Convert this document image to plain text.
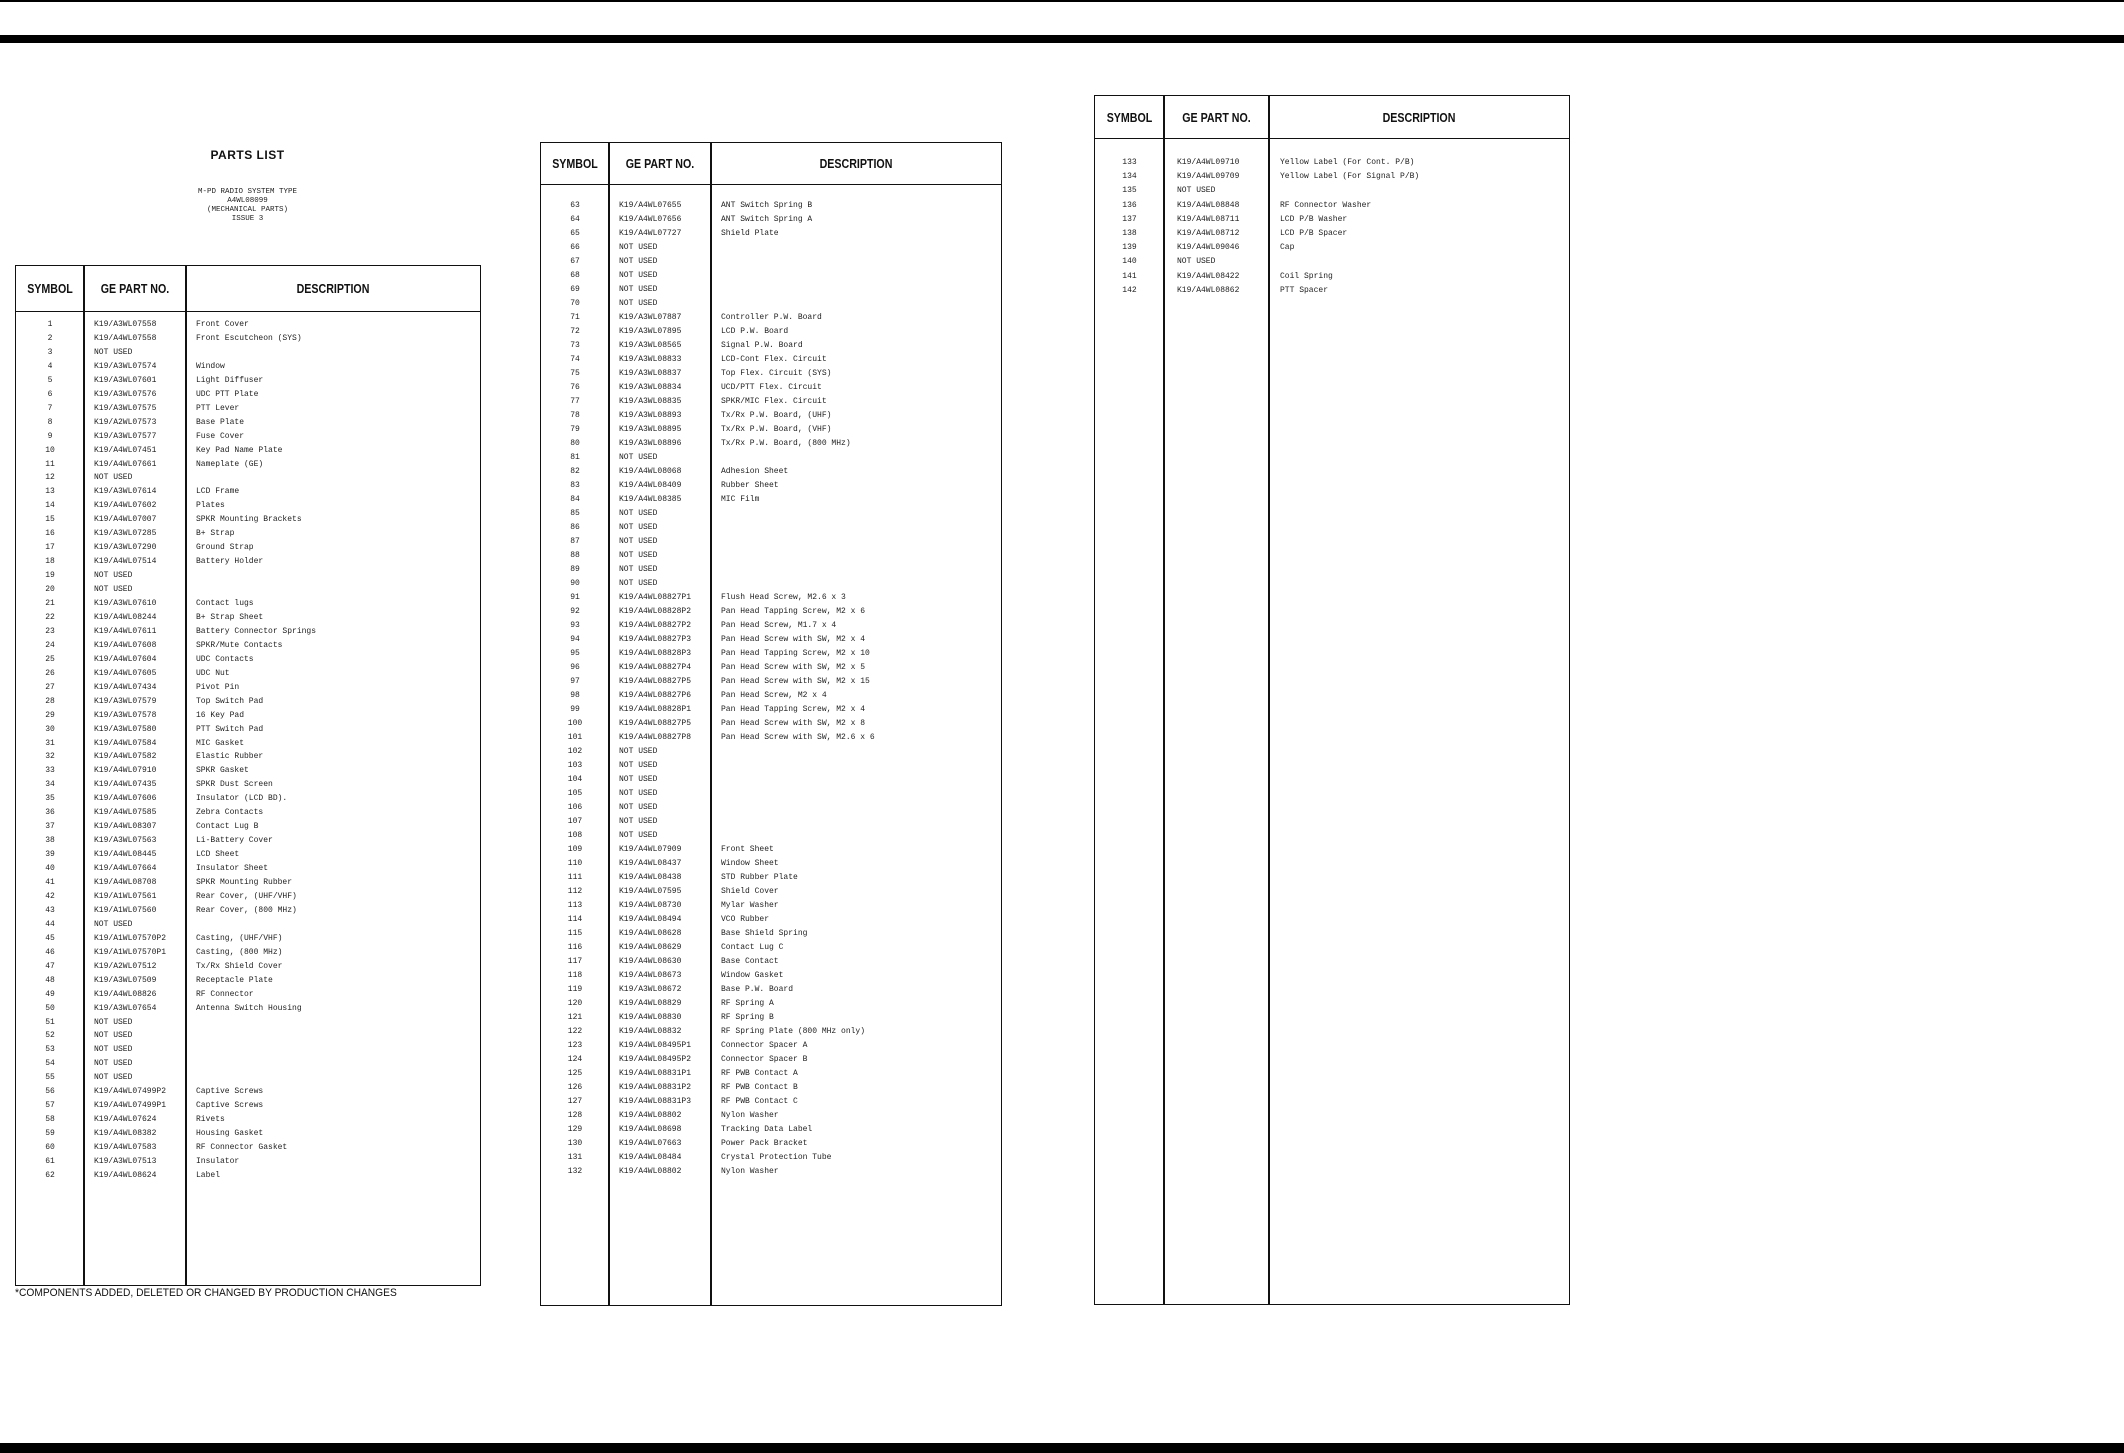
PARTS LIST
M-PD RADIO SYSTEM TYPE
A4WL08099
(MECHANICAL PARTS)
ISSUE 3
SYMBOL	GE PART NO.	DESCRIPTION
1	K19/A3WL07558	Front Cover
2	K19/A4WL07558	Front Escutcheon (SYS)
3	NOT USED
4	K19/A3WL07574	Window
5	K19/A3WL07601	Light Diffuser
6	K19/A3WL07576	UDC PTT Plate
7	K19/A3WL07575	PTT Lever
8	K19/A2WL07573	Base Plate
9	K19/A3WL07577	Fuse Cover
10	K19/A4WL07451	Key Pad Name Plate
11	K19/A4WL07661	Nameplate (GE)
12	NOT USED
13	K19/A3WL07614	LCD Frame
14	K19/A4WL07602	Plates
15	K19/A4WL07007	SPKR Mounting Brackets
16	K19/A3WL07285	B+ Strap
17	K19/A3WL07290	Ground Strap
18	K19/A4WL07514	Battery Holder
19	NOT USED
20	NOT USED
21	K19/A3WL07610	Contact lugs
22	K19/A4WL08244	B+ Strap Sheet
23	K19/A4WL07611	Battery Connector Springs
24	K19/A4WL07608	SPKR/Mute Contacts
25	K19/A4WL07604	UDC Contacts
26	K19/A4WL07605	UDC Nut
27	K19/A4WL07434	Pivot Pin
28	K19/A3WL07579	Top Switch Pad
29	K19/A3WL07578	16 Key Pad
30	K19/A3WL07580	PTT Switch Pad
31	K19/A4WL07584	MIC Gasket
32	K19/A4WL07582	Elastic Rubber
33	K19/A4WL07910	SPKR Gasket
34	K19/A4WL07435	SPKR Dust Screen
35	K19/A4WL07606	Insulator (LCD BD).
36	K19/A4WL07585	Zebra Contacts
37	K19/A4WL08307	Contact Lug B
38	K19/A3WL07563	Li-Battery Cover
39	K19/A4WL08445	LCD Sheet
40	K19/A4WL07664	Insulator Sheet
41	K19/A4WL08708	SPKR Mounting Rubber
42	K19/A1WL07561	Rear Cover, (UHF/VHF)
43	K19/A1WL07560	Rear Cover, (800 MHz)
44	NOT USED
45	K19/A1WL07570P2	Casting, (UHF/VHF)
46	K19/A1WL07570P1	Casting, (800 MHz)
47	K19/A2WL07512	Tx/Rx Shield Cover
48	K19/A3WL07509	Receptacle Plate
49	K19/A4WL08826	RF Connector
50	K19/A3WL07654	Antenna Switch Housing
51	NOT USED
52	NOT USED
53	NOT USED
54	NOT USED
55	NOT USED
56	K19/A4WL07499P2	Captive Screws
57	K19/A4WL07499P1	Captive Screws
58	K19/A4WL07624	Rivets
59	K19/A4WL08382	Housing Gasket
60	K19/A4WL07583	RF Connector Gasket
61	K19/A3WL07513	Insulator
62	K19/A4WL08624	Label
SYMBOL	GE PART NO.	DESCRIPTION
63	K19/A4WL07655	ANT Switch Spring B
64	K19/A4WL07656	ANT Switch Spring A
65	K19/A4WL07727	Shield Plate
66	NOT USED
67	NOT USED
68	NOT USED
69	NOT USED
70	NOT USED
71	K19/A3WL07887	Controller P.W. Board
72	K19/A3WL07895	LCD P.W. Board
73	K19/A3WL08565	Signal P.W. Board
74	K19/A3WL08833	LCD-Cont Flex. Circuit
75	K19/A3WL08837	Top Flex. Circuit (SYS)
76	K19/A3WL08834	UCD/PTT Flex. Circuit
77	K19/A3WL08835	SPKR/MIC Flex. Circuit
78	K19/A3WL08893	Tx/Rx P.W. Board, (UHF)
79	K19/A3WL08895	Tx/Rx P.W. Board, (VHF)
80	K19/A3WL08896	Tx/Rx P.W. Board, (800 MHz)
81	NOT USED
82	K19/A4WL08068	Adhesion Sheet
83	K19/A4WL08409	Rubber Sheet
84	K19/A4WL08385	MIC Film
85	NOT USED
86	NOT USED
87	NOT USED
88	NOT USED
89	NOT USED
90	NOT USED
91	K19/A4WL08827P1	Flush Head Screw, M2.6 x 3
92	K19/A4WL08828P2	Pan Head Tapping Screw, M2 x 6
93	K19/A4WL08827P2	Pan Head Screw, M1.7 x 4
94	K19/A4WL08827P3	Pan Head Screw with SW, M2 x 4
95	K19/A4WL08828P3	Pan Head Tapping Screw, M2 x 10
96	K19/A4WL08827P4	Pan Head Screw with SW, M2 x 5
97	K19/A4WL08827P5	Pan Head Screw with SW, M2 x 15
98	K19/A4WL08827P6	Pan Head Screw, M2 x 4
99	K19/A4WL08828P1	Pan Head Tapping Screw, M2 x 4
100	K19/A4WL08827P5	Pan Head Screw with SW, M2 x 8
101	K19/A4WL08827P8	Pan Head Screw with SW, M2.6 x 6
102	NOT USED
103	NOT USED
104	NOT USED
105	NOT USED
106	NOT USED
107	NOT USED
108	NOT USED
109	K19/A4WL07909	Front Sheet
110	K19/A4WL08437	Window Sheet
111	K19/A4WL08438	STD Rubber Plate
112	K19/A4WL07595	Shield Cover
113	K19/A4WL08730	Mylar Washer
114	K19/A4WL08494	VCO Rubber
115	K19/A4WL08628	Base Shield Spring
116	K19/A4WL08629	Contact Lug C
117	K19/A4WL08630	Base Contact
118	K19/A4WL08673	Window Gasket
119	K19/A3WL08672	Base P.W. Board
120	K19/A4WL08829	RF Spring A
121	K19/A4WL08830	RF Spring B
122	K19/A4WL08832	RF Spring Plate (800 MHz only)
123	K19/A4WL08495P1	Connector Spacer A
124	K19/A4WL08495P2	Connector Spacer B
125	K19/A4WL08831P1	RF PWB Contact A
126	K19/A4WL08831P2	RF PWB Contact B
127	K19/A4WL08831P3	RF PWB Contact C
128	K19/A4WL08802	Nylon Washer
129	K19/A4WL08698	Tracking Data Label
130	K19/A4WL07663	Power Pack Bracket
131	K19/A4WL08484	Crystal Protection Tube
132	K19/A4WL08802	Nylon Washer
SYMBOL	GE PART NO.	DESCRIPTION
133	K19/A4WL09710	Yellow Label (For Cont. P/B)
134	K19/A4WL09709	Yellow Label (For Signal P/B)
135	NOT USED
136	K19/A4WL08848	RF Connector Washer
137	K19/A4WL08711	LCD P/B Washer
138	K19/A4WL08712	LCD P/B Spacer
139	K19/A4WL09046	Cap
140	NOT USED
141	K19/A4WL08422	Coil Spring
142	K19/A4WL08862	PTT Spacer
*COMPONENTS ADDED, DELETED OR CHANGED BY PRODUCTION CHANGES
